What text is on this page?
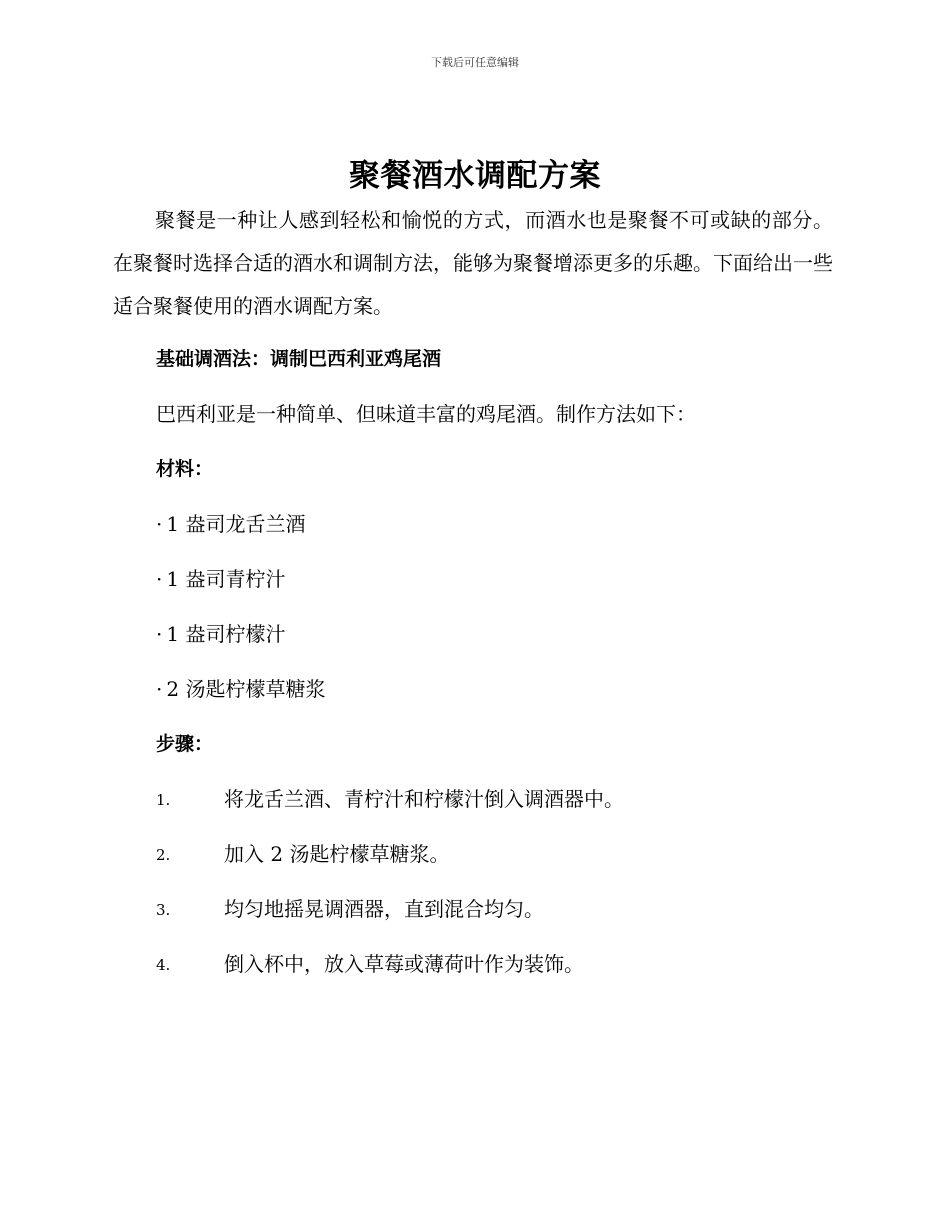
下载后可任意编辑
聚餐酒水调配方案

聚餐是一种让人感到轻松和愉悦的方式，而酒水也是聚餐不可或缺的部分。在聚餐时选择合适的酒水和调制方法，能够为聚餐增添更多的乐趣。下面给出一些适合聚餐使用的酒水调配方案。

基础调酒法：调制巴西利亚鸡尾酒

巴西利亚是一种简单、但味道丰富的鸡尾酒。制作方法如下：

材料：

· 1 盎司龙舌兰酒

· 1 盎司青柠汁

· 1 盎司柠檬汁

· 2 汤匙柠檬草糖浆

步骤：

1.	将龙舌兰酒、青柠汁和柠檬汁倒入调酒器中。
2.	加入 2 汤匙柠檬草糖浆。
3.	均匀地摇晃调酒器，直到混合均匀。
4.	倒入杯中，放入草莓或薄荷叶作为装饰。
